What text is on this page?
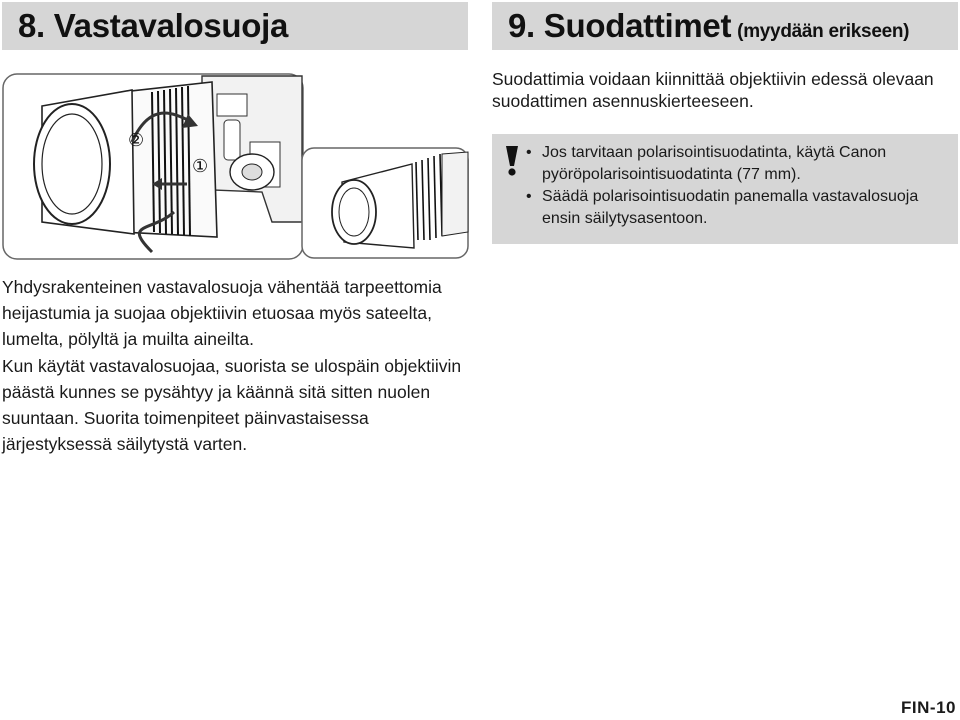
8. Vastavalosuoja	9. Suodattimet (myydään erikseen)
②
①

Suodattimia voidaan kiinnittää objektiivin edessä olevaan suodattimen asennuskierteeseen.

• Jos tarvitaan polarisointisuodatinta, käytä Canon pyöröpolarisointisuodatinta (77 mm).
• Säädä polarisointisuodatin panemalla vastavalosuoja ensin säilytysasentoon.

Yhdysrakenteinen vastavalosuoja vähentää tarpeettomia heijastumia ja suojaa objektiivin etuosaa myös sateelta, lumelta, pölyltä ja muilta aineilta.

Kun käytät vastavalosuojaa, suorista se ulospäin objektiivin päästä kunnes se pysähtyy ja käännä sitä sitten nuolen suuntaan. Suorita toimenpiteet päinvastaisessa järjestyksessä säilytystä varten.

FIN-10
